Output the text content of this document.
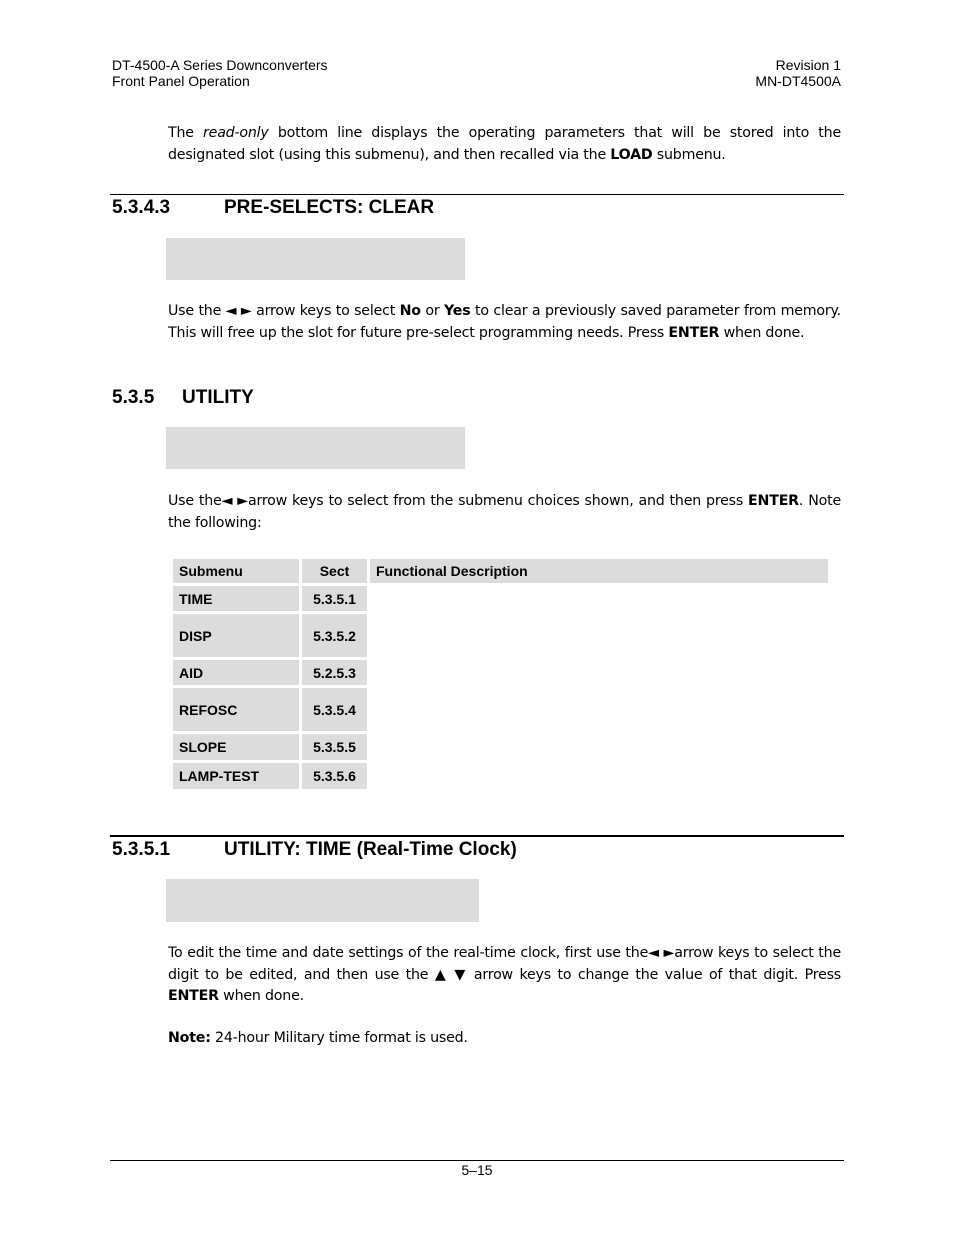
DT-4500-A Series Downconverters
Front Panel Operation
Revision 1
MN-DT4500A
The read-only bottom line displays the operating parameters that will be stored into the designated slot (using this submenu), and then recalled via the LOAD submenu.
5.3.4.3	PRE-SELECTS: CLEAR
Use the ◄ ► arrow keys to select No or Yes to clear a previously saved parameter from memory. This will free up the slot for future pre-select programming needs. Press ENTER when done.
5.3.5 UTILITY
Use the◄ ►arrow keys to select from the submenu choices shown, and then press ENTER. Note the following:
Submenu	Sect	Functional Description
TIME	5.3.5.1	
DISP	5.3.5.2	
AID	5.2.5.3	
REFOSC	5.3.5.4	
SLOPE	5.3.5.5	
LAMP-TEST	5.3.5.6	
5.3.5.1	UTILITY: TIME (Real-Time Clock)
To edit the time and date settings of the real-time clock, first use the◄ ►arrow keys to select the digit to be edited, and then use the ▲ ▼ arrow keys to change the value of that digit. Press ENTER when done.
Note: 24-hour Military time format is used.
5–15
